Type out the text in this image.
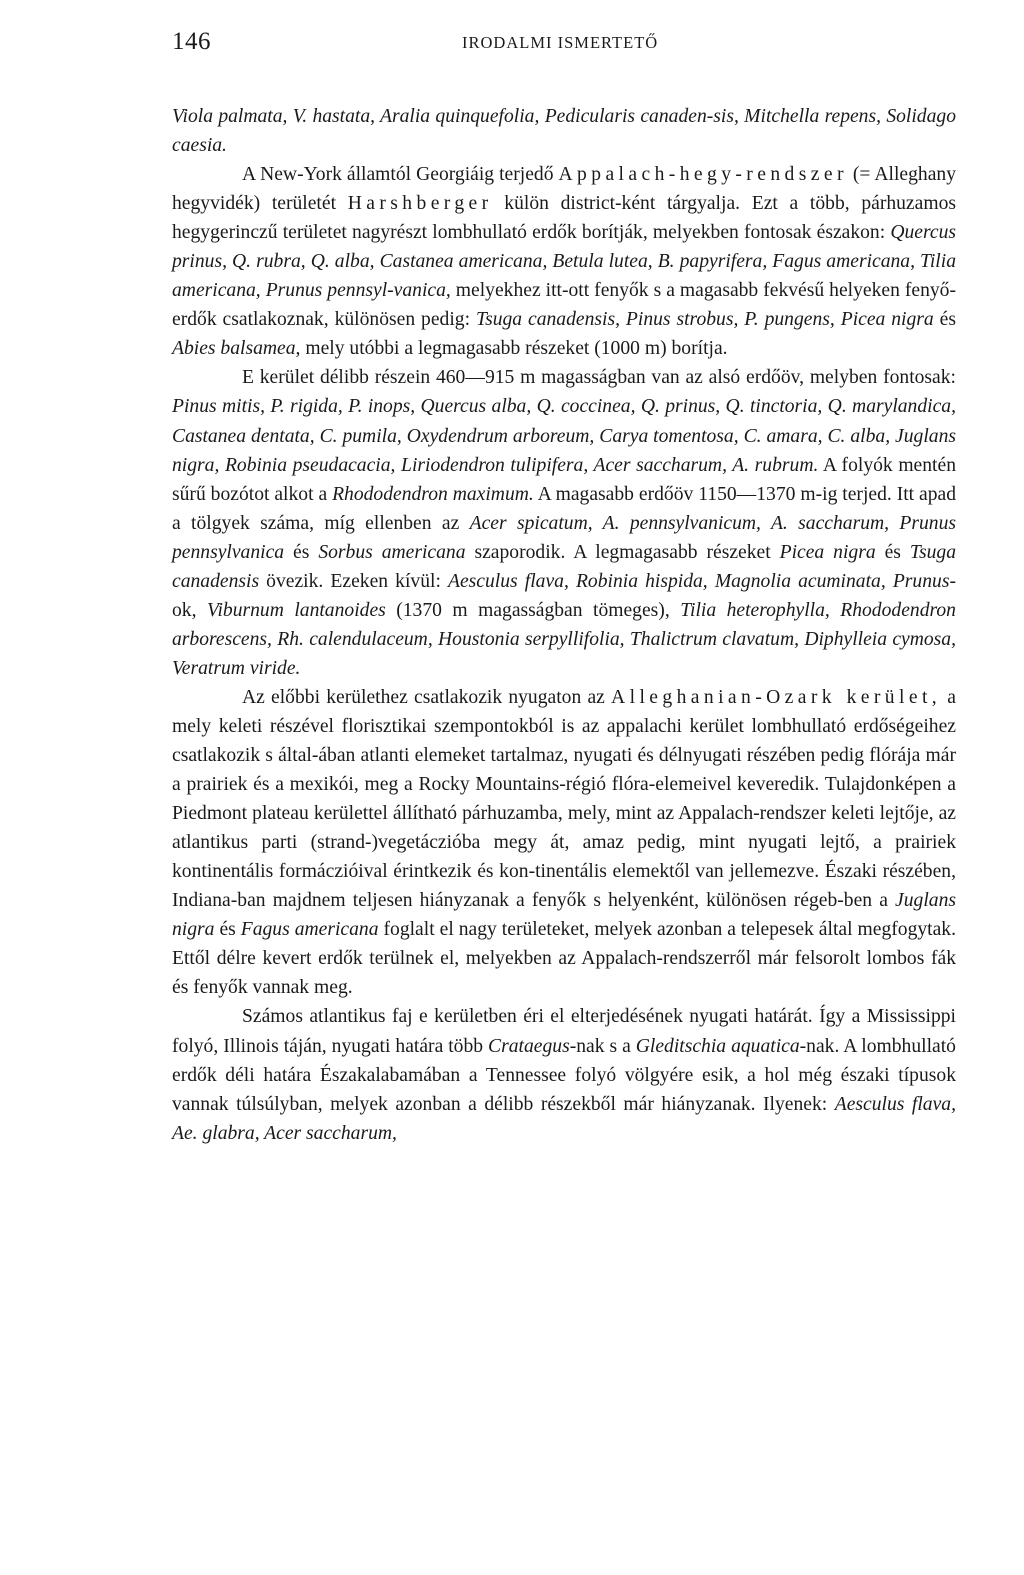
146	IRODALMI ISMERTETŐ

Viola palmata, V. hastata, Aralia quinquefolia, Pedicularis canaden-sis, Mitchella repens, Solidago caesia.

A New-York államtól Georgiáig terjedő Appalach-hegy-rendszer (= Alleghany hegyvidék) területét Harshberger külön district-ként tárgyalja. Ezt a több, párhuzamos hegygerinczű területet nagyrészt lombhullató erdők borítják, melyekben fontosak északon: Quercus prinus, Q. rubra, Q. alba, Castanea americana, Betula lutea, B. papyrifera, Fagus americana, Tilia americana, Prunus pennsyl-vanica, melyekhez itt-ott fenyők s a magasabb fekvésű helyeken fenyő-erdők csatlakoznak, különösen pedig: Tsuga canadensis, Pinus strobus, P. pungens, Picea nigra és Abies balsamea, mely utóbbi a legmagasabb részeket (1000 m) borítja.

E kerület délibb részein 460—915 m magasságban van az alsó erdőöv, melyben fontosak: Pinus mitis, P. rigida, P. inops, Quercus alba, Q. coccinea, Q. prinus, Q. tinctoria, Q. marylandica, Castanea dentata, C. pumila, Oxydendrum arboreum, Carya tomentosa, C. amara, C. alba, Juglans nigra, Robinia pseudacacia, Liriodendron tulipifera, Acer saccharum, A. rubrum. A folyók mentén sűrű bozótot alkot a Rhododendron maximum. A magasabb erdőöv 1150—1370 m-ig terjed. Itt apad a tölgyek száma, míg ellenben az Acer spicatum, A. pennsylvanicum, A. saccharum, Prunus pennsylvanica és Sorbus americana szaporodik. A legmagasabb részeket Picea nigra és Tsuga canadensis övezik. Ezeken kívül: Aesculus flava, Robinia hispida, Magnolia acuminata, Prunus-ok, Viburnum lantanoides (1370 m magasságban tömeges), Tilia heterophylla, Rhododendron arborescens, Rh. calendulaceum, Houstonia serpyllifolia, Thalictrum clavatum, Diphylleia cymosa, Veratrum viride.

Az előbbi kerülethez csatlakozik nyugaton az Alleghanian-Ozark kerület, a mely keleti részével florisztikai szempontokból is az appalachi kerület lombhullató erdőségeihez csatlakozik s által-ában atlanti elemeket tartalmaz, nyugati és délnyugati részében pedig flórája már a prairiek és a mexikói, meg a Rocky Mountains-régió flóra-elemeivel keveredik. Tulajdonképen a Piedmont plateau kerülettel állítható párhuzamba, mely, mint az Appalach-rendszer keleti lejtője, az atlantikus parti (strand-)vegetáczióba megy át, amaz pedig, mint nyugati lejtő, a prairiek kontinentális formáczióival érintkezik és kon-tinentális elemektől van jellemezve. Északi részében, Indiana-ban majdnem teljesen hiányzanak a fenyők s helyenként, különösen régeb-ben a Juglans nigra és Fagus americana foglalt el nagy területeket, melyek azonban a telepesek által megfogytak. Ettől délre kevert erdők terülnek el, melyekben az Appalach-rendszerről már felsorolt lombos fák és fenyők vannak meg.

Számos atlantikus faj e kerületben éri el elterjedésének nyugati határát. Így a Mississippi folyó, Illinois táján, nyugati határa több Crataegus-nak s a Gleditschia aquatica-nak. A lombhullató erdők déli határa Északalabamában a Tennessee folyó völgyére esik, a hol még északi típusok vannak túlsúlyban, melyek azonban a délibb részekből már hiányzanak. Ilyenek: Aesculus flava, Ae. glabra, Acer saccharum,
